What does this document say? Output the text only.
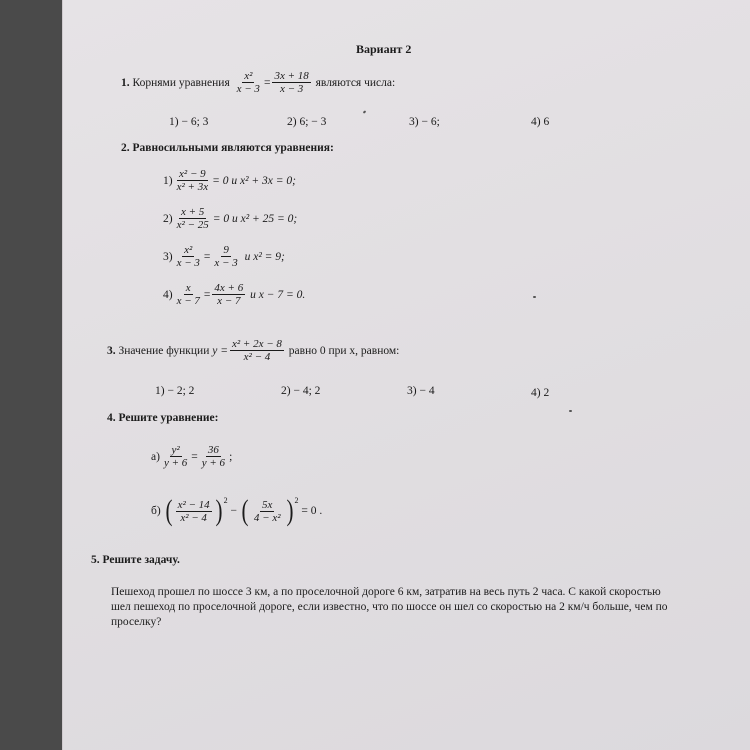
Вариант 2
1.
Корнями уравнения
$\frac{\text{x²}}{x - 3} = \frac{3x + 18}{x - 3}$
являются числа:
1) − 6; 3	2) 6; − 3	3) − 6;	4) 6
2. Равносильными являются уравнения:
$1) \frac{\text{x² − 9}}{\text{x² + 3x}} = 0$ и x² + 3x = 0;
$2) \frac{x + 5}{\text{x² − 25}} = 0$ и x² + 25 = 0;
$3) \frac{\text{x²}}{x - 3} = \frac{9}{x - 3}$
и x² = 9;
$4) \frac{x}{x - 7} = \frac{4x + 6}{x - 7}$
и x − 7 = 0.
3.
Значение функции
$y = \frac{\text{x² + 2x − 8}}{\text{x² − 4}}$
равно 0 при x, равном:
1) − 2; 2	2) − 4; 2	3) − 4	4) 2
4. Решите уравнение:
$а) \frac{\text{y²}}{y + 6} = \frac{36}{y + 6}$ ;
б)
( $\frac{\text{x² − 14}}{\text{x² − 4}} )^2$
− ( $\frac{5x}{\text{4 − x²}} )^2$

= 0 .
5. Решите задачу.
Пешеход прошел по шоссе 3 км, а по проселочной дороге 6 км, затратив на весь путь 2 часа. С какой скоростью шел пешеход по проселочной дороге, если известно, что по шоссе он шел со скоростью на 2 км/ч больше, чем по проселку?
